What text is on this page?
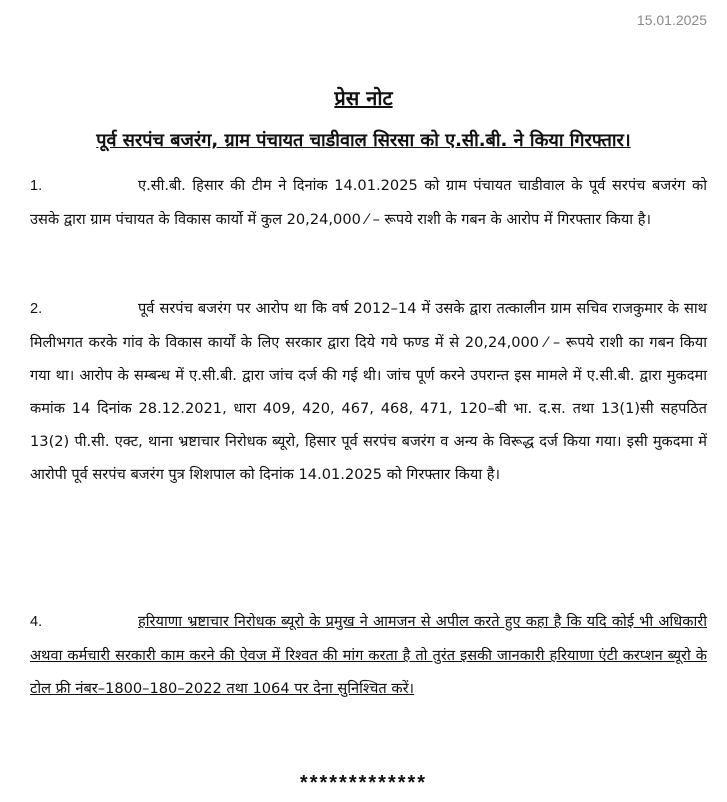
15.01.2025
प्रेस नोट
पूर्व सरपंच बजरंग, ग्राम पंचायत चाडीवाल सिरसा को ए.सी.बी. ने किया गिरफ्तार।

1.	ए.सी.बी. हिसार की टीम ने दिनांक 14.01.2025 को ग्राम पंचायत चाडीवाल के पूर्व सरपंच बजरंग को उसके द्वारा ग्राम पंचायत के विकास कार्यो में कुल 20,24,000 ⁄ – रूपये राशी के गबन के आरोप में गिरफ्तार किया है।

2.	पूर्व सरपंच बजरंग पर आरोप था कि वर्ष 2012–14 में उसके द्वारा तत्कालीन ग्राम सचिव राजकुमार के साथ मिलीभगत करके गांव के विकास कार्यों के लिए सरकार द्वारा दिये गये फण्ड में से 20,24,000 ⁄ – रूपये राशी का गबन किया गया था। आरोप के सम्बन्ध में ए.सी.बी. द्वारा जांच दर्ज की गई थी। जांच पूर्ण करने उपरान्त इस मामले में ए.सी.बी. द्वारा मुकदमा कमांक 14 दिनांक 28.12.2021, धारा 409, 420, 467, 468, 471, 120–बी भा. द.स. तथा 13(1)सी सहपठित 13(2) पी.सी. एक्ट, थाना भ्रष्टाचार निरोधक ब्यूरो, हिसार पूर्व सरपंच बजरंग व अन्य के विरूद्ध दर्ज किया गया। इसी मुकदमा में आरोपी पूर्व सरपंच बजरंग पुत्र शिशपाल को दिनांक 14.01.2025 को गिरफ्तार किया है।

4.	हरियाणा भ्रष्टाचार निरोधक ब्यूरो के प्रमुख ने आमजन से अपील करते हुए कहा है कि यदि कोई भी अधिकारी अथवा कर्मचारी सरकारी काम करने की ऐवज में रिश्वत की मांग करता है तो तुरंत इसकी जानकारी हरियाणा एंटी करप्शन ब्यूरो के टोल फ्री नंबर–1800–180–2022 तथा 1064 पर देना सुनिश्चित करें।

*************
